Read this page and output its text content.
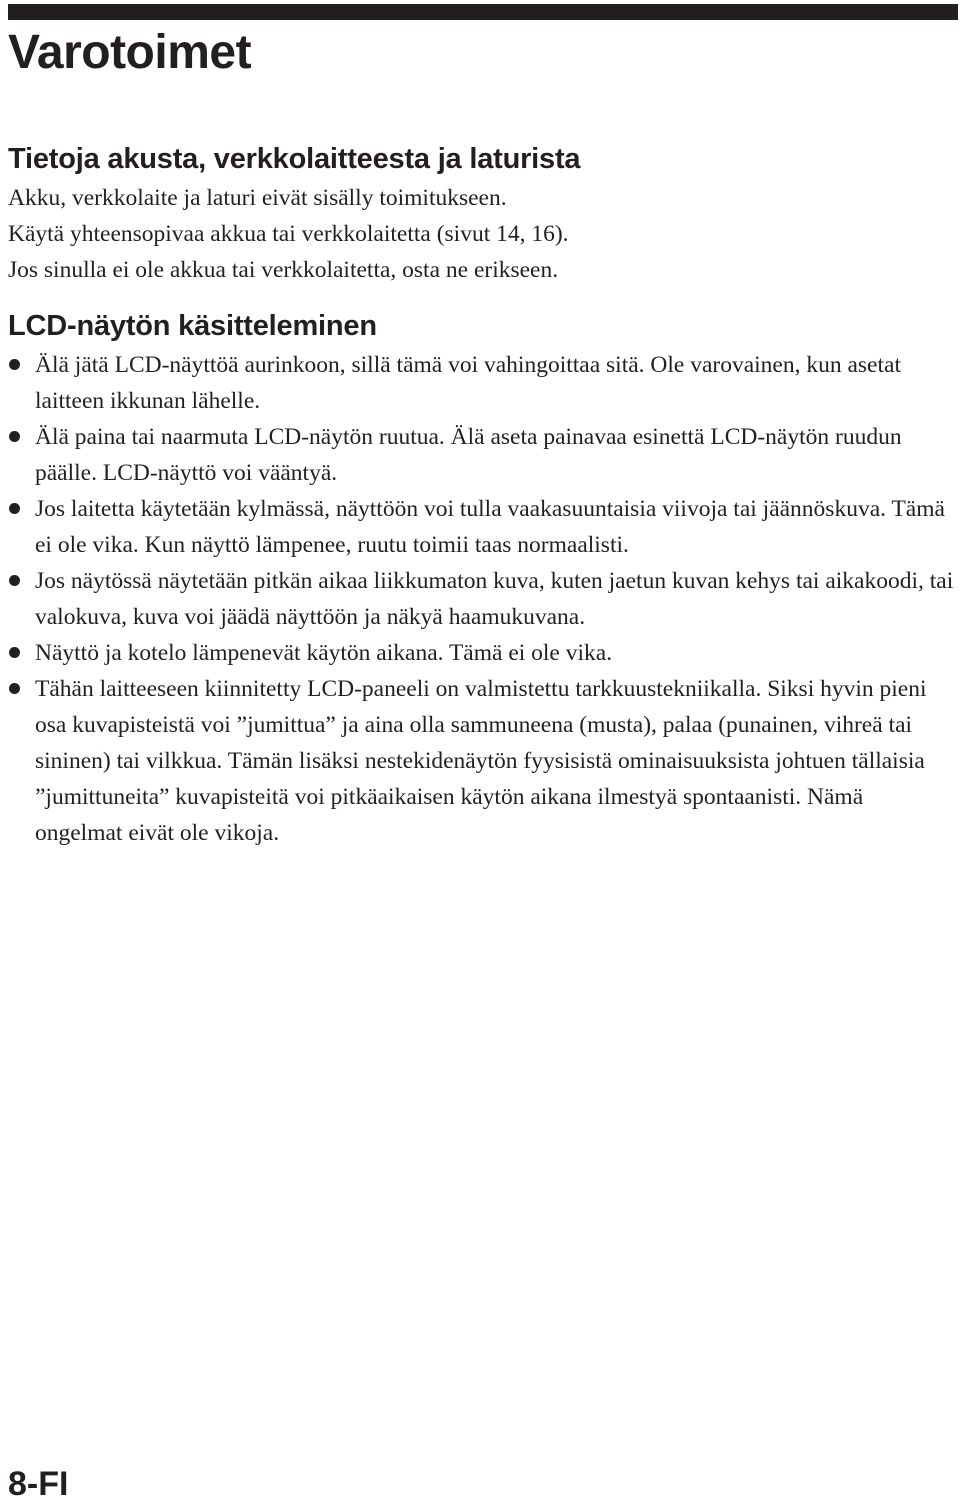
Varotoimet
Tietoja akusta, verkkolaitteesta ja laturista
Akku, verkkolaite ja laturi eivät sisälly toimitukseen.
Käytä yhteensopivaa akkua tai verkkolaitetta (sivut 14, 16).
Jos sinulla ei ole akkua tai verkkolaitetta, osta ne erikseen.
LCD-näytön käsitteleminen
Älä jätä LCD-näyttöä aurinkoon, sillä tämä voi vahingoittaa sitä. Ole varovainen, kun asetat laitteen ikkunan lähelle.
Älä paina tai naarmuta LCD-näytön ruutua. Älä aseta painavaa esinettä LCD-näytön ruudun päälle. LCD-näyttö voi vääntyä.
Jos laitetta käytetään kylmässä, näyttöön voi tulla vaakasuuntaisia viivoja tai jäännöskuva. Tämä ei ole vika. Kun näyttö lämpenee, ruutu toimii taas normaalisti.
Jos näytössä näytetään pitkän aikaa liikkumaton kuva, kuten jaetun kuvan kehys tai aikakoodi, tai valokuva, kuva voi jäädä näyttöön ja näkyä haamukuvana.
Näyttö ja kotelo lämpenevät käytön aikana. Tämä ei ole vika.
Tähän laitteeseen kiinnitetty LCD-paneeli on valmistettu tarkkuustekniikalla. Siksi hyvin pieni osa kuvapisteistä voi ”jumittua” ja aina olla sammuneena (musta), palaa (punainen, vihreä tai sininen) tai vilkkua. Tämän lisäksi nestekidenäytön fyysisistä ominaisuuksista johtuen tällaisia ”jumittuneita” kuvapisteitä voi pitkäaikaisen käytön aikana ilmestyä spontaanisti. Nämä ongelmat eivät ole vikoja.
8-FI
